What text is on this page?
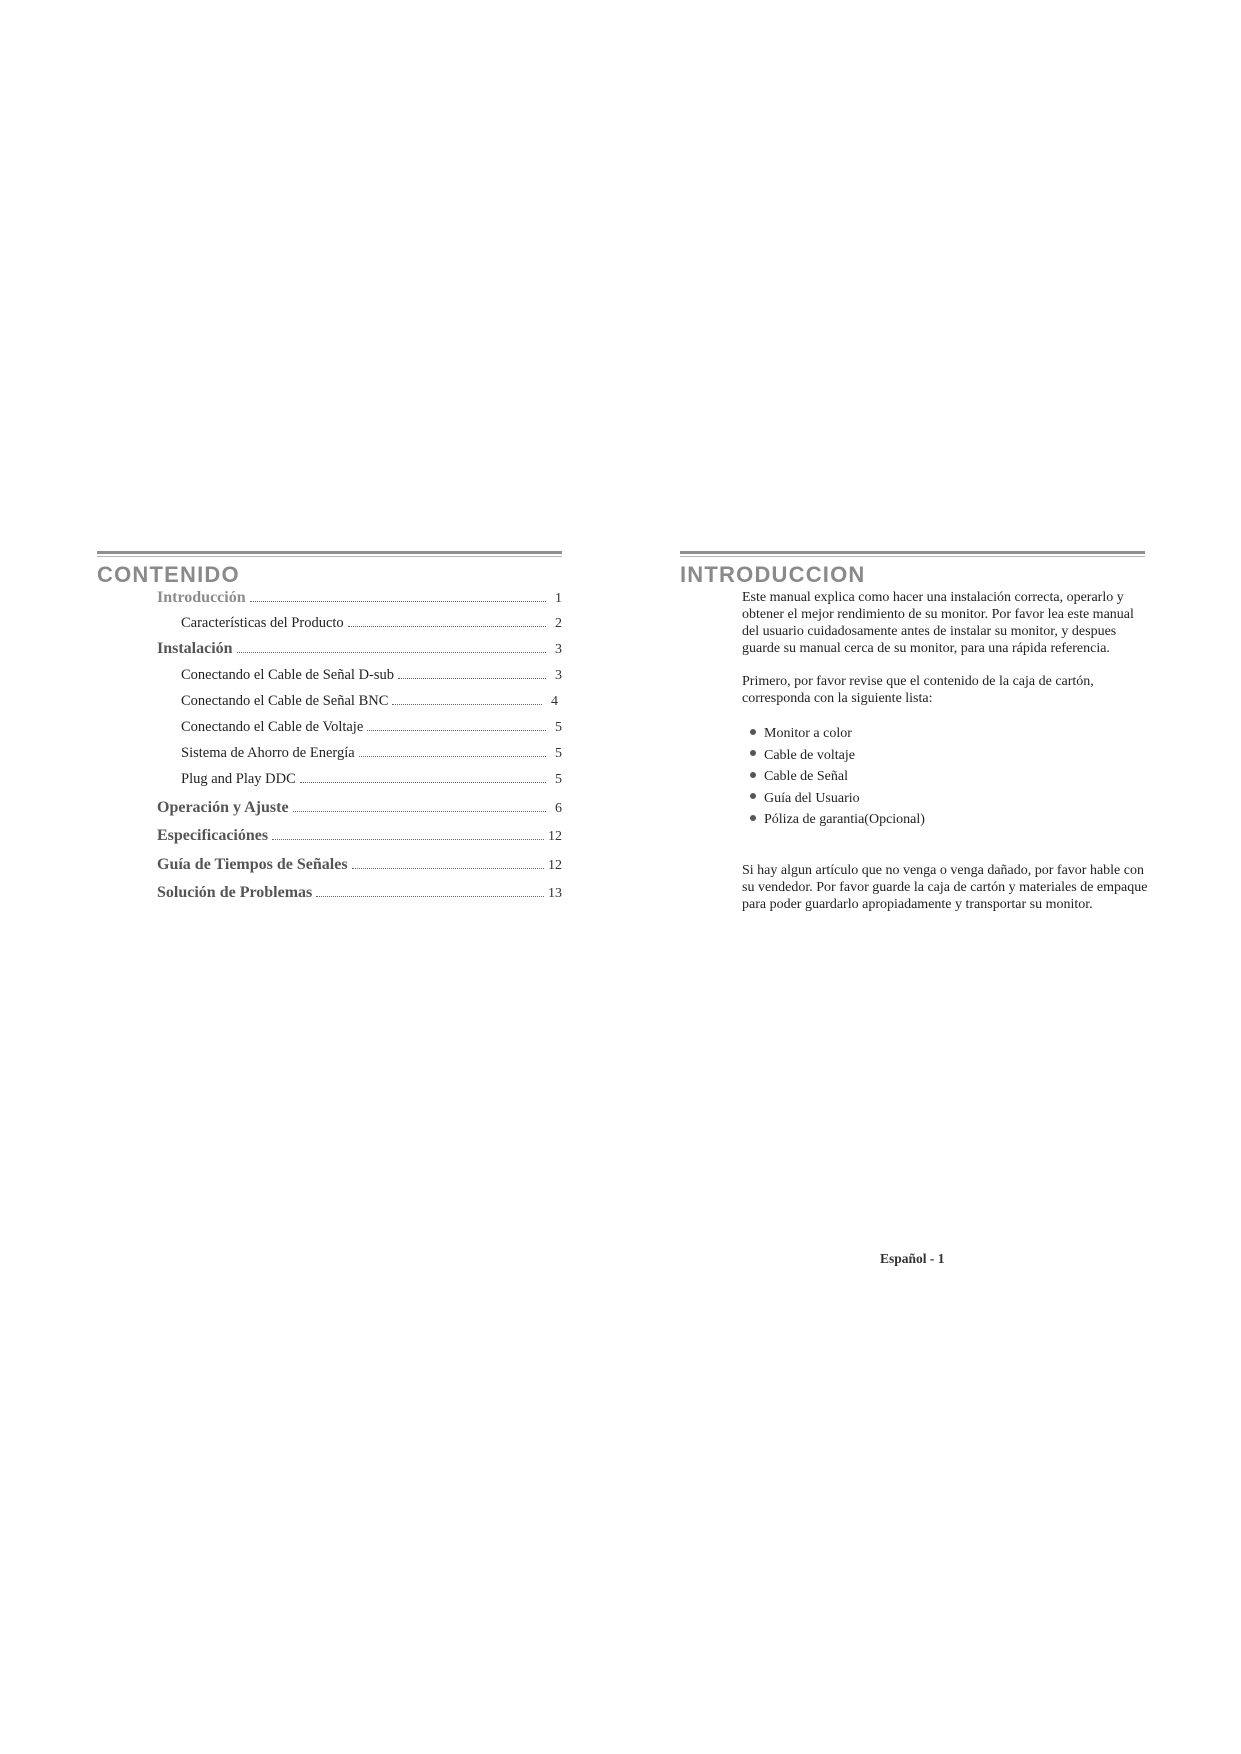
CONTENIDO
Introducción	1
Características del Producto	2
Instalación	3
Conectando el Cable de Señal D-sub	3
Conectando el Cable de Señal BNC	4
Conectando el Cable de Voltaje	5
Sistema de Ahorro de Energía	5
Plug and Play DDC	5
Operación y Ajuste	6
Especificaciónes	12
Guía de Tiempos de Señales	12
Solución de Problemas	13
INTRODUCCION

Este manual explica como hacer una instalación correcta, operarlo y obtener el mejor rendimiento de su monitor. Por favor lea este manual del usuario cuidadosamente antes de instalar su monitor, y despues guarde su manual cerca de su monitor, para una rápida referencia.

Primero, por favor revise que el contenido de la caja de cartón, corresponda con la siguiente lista:

Monitor a color
Cable de voltaje
Cable de Señal
Guía del Usuario
Póliza de garantia(Opcional)

Si hay algun artículo que no venga o venga dañado, por favor hable con su vendedor. Por favor guarde la caja de cartón y materiales de empaque para poder guardarlo apropiadamente y transportar su monitor.

Español - 1
